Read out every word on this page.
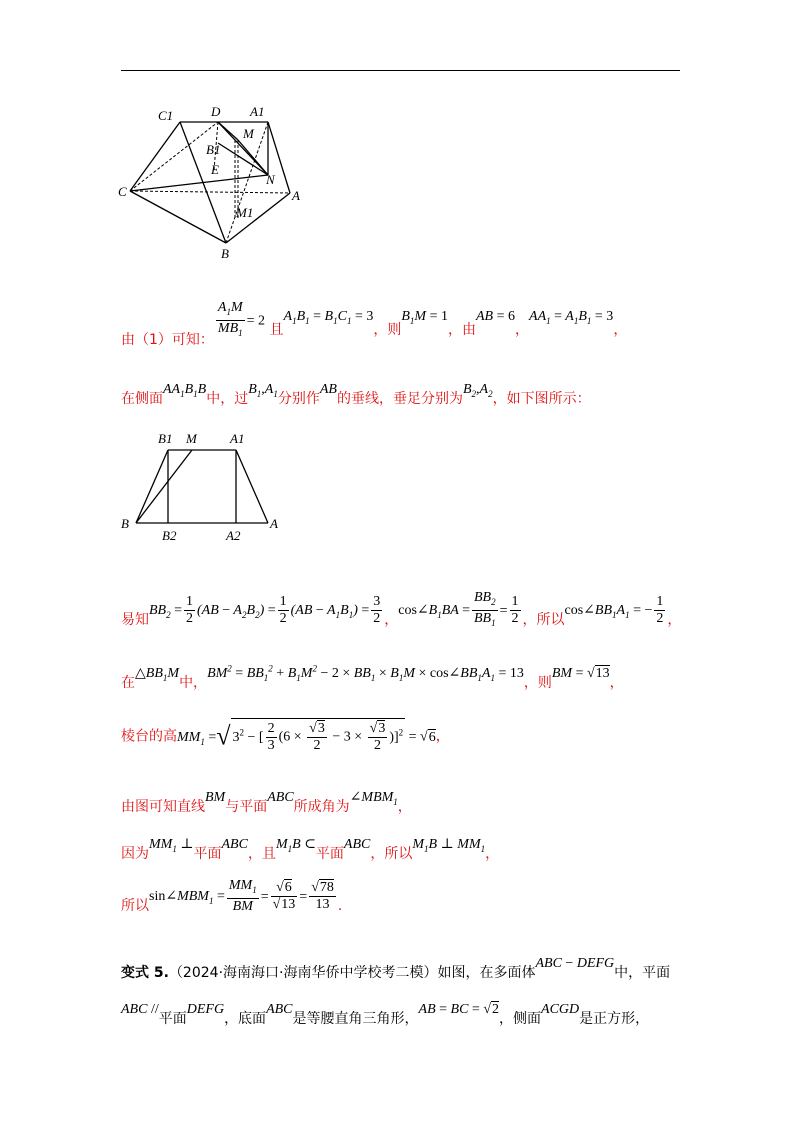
C1	D A1
M
B1
E
N
C	A
M1
B
由（1）可知： $\frac{A_1M}{MB_1} = 2$ 且$A_1B_1 = B_1C_1 = 3$，则$B_1M = 1$，由AB = 6，$AA_1 = A_1B_1 = 3$，
在侧面$AA_1B_1B$中，过$B_1,A_1$分别作AB的垂线，垂足分别为$B_2,A_2$，如下图所示：
B1 M	A1
B	A
B2	A2
易知$BB_2 = \frac{1}{2} (AB - A_2B_2) = \frac{1}{2} (AB - A_1B_1) = \frac{3}{2}$ ，$\cos\angle B_1BA = \frac{BB_2}{BB_1} = \frac{1}{2}$ ，所以$\cos\angle BB_1A_1$ = − $\frac{1}{2}$ ，
在$\triangle BB_1M$中，$BM^2 = BB_1^2 + B_1M^2 - 2 \times BB_1 \times B_1M$ × $\cos\angle BB_1A_1 = 13$，则BM = √13，
棱台的高$MM_1$ =√ $3^2$ − [ $\frac{2}{3} (6 \times \frac{√3}{2} - 3 \times \frac{√3}{2} )]^2 = √6$，
由图可知直线BM与平面ABC所成角为$\angle MBM_1$，
因为$MM_1$ ⊥平面ABC，且$M_1B$ ⊂平面ABC，所以$M_1B$ ⊥ $MM_1$，
所以$\sin\angle MBM_1 = \frac{MM_1}{BM} = \frac{√6}{√13} = \frac{√78}{13}$ .
变式 5.（2024·海南海口·海南华侨中学校考二模）如图，在多面体ABC − DEFG中，平面
ABC //平面DEFG，底面ABC是等腰直角三角形，AB = BC = √2，侧面ACGD是正方形，
